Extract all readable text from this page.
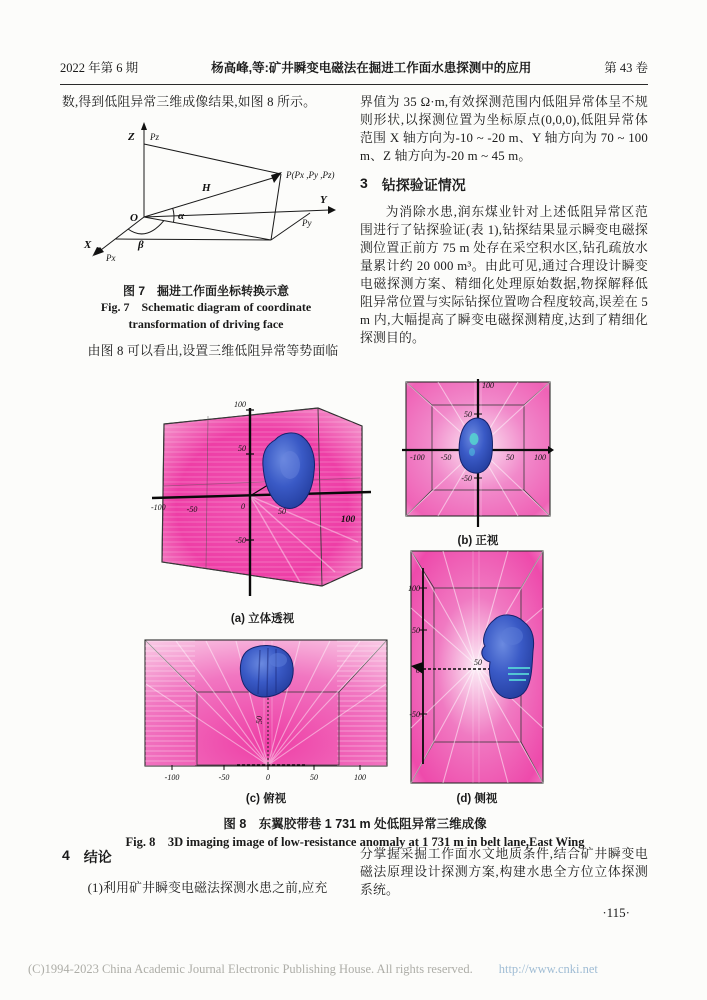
2022 年第 6 期	杨高峰,等:矿井瞬变电磁法在掘进工作面水患探测中的应用	第 43 卷

数,得到低阻异常三维成像结果,如图 8 所示。

Z Pz
P(Px ,Py ,Pz)
H
α
O
β
Y
Py
X
Px
图 7　掘进工作面坐标转换示意
Fig. 7　Schematic diagram of coordinate
transformation of driving face

由图 8 可以看出,设置三维低阻异常等势面临

界值为 35 Ω·m,有效探测范围内低阻异常体呈不规则形状,以探测位置为坐标原点(0,0,0),低阻异常体范围 X 轴方向为-10 ~ -20 m、Y 轴方向为 70 ~ 100 m、Z 轴方向为-20 m ~ 45 m。

3 钻探验证情况

为消除水患,润东煤业针对上述低阻异常区范围进行了钻探验证(表 1),钻探结果显示瞬变电磁探测位置正前方 75 m 处存在采空积水区,钻孔疏放水量累计约 20 000 m³。由此可见,通过合理设计瞬变电磁探测方案、精细化处理原始数据,物探解释低阻异常位置与实际钻探位置吻合程度较高,误差在 5 m 内,大幅提高了瞬变电磁探测精度,达到了精细化探测目的。

100
50
-50
0
-100	-50	50
100
(a) 立体透视
100
50
-50
-100 -50	50	100
(b) 正视
50
-100	-50	0	50	100
(c) 俯视
100
50
0
-50
50
(d) 侧视
图 8　东翼胶带巷 1 731 m 处低阻异常三维成像
Fig. 8　3D imaging image of low-resistance anomaly at 1 731 m in belt lane,East Wing
4 结论

(1)利用矿井瞬变电磁法探测水患之前,应充

分掌握采掘工作面水文地质条件,结合矿井瞬变电磁法原理设计探测方案,构建水患全方位立体探测系统。

·115·
(C)1994-2023 China Academic Journal Electronic Publishing House. All rights reserved. http://www.cnki.net
